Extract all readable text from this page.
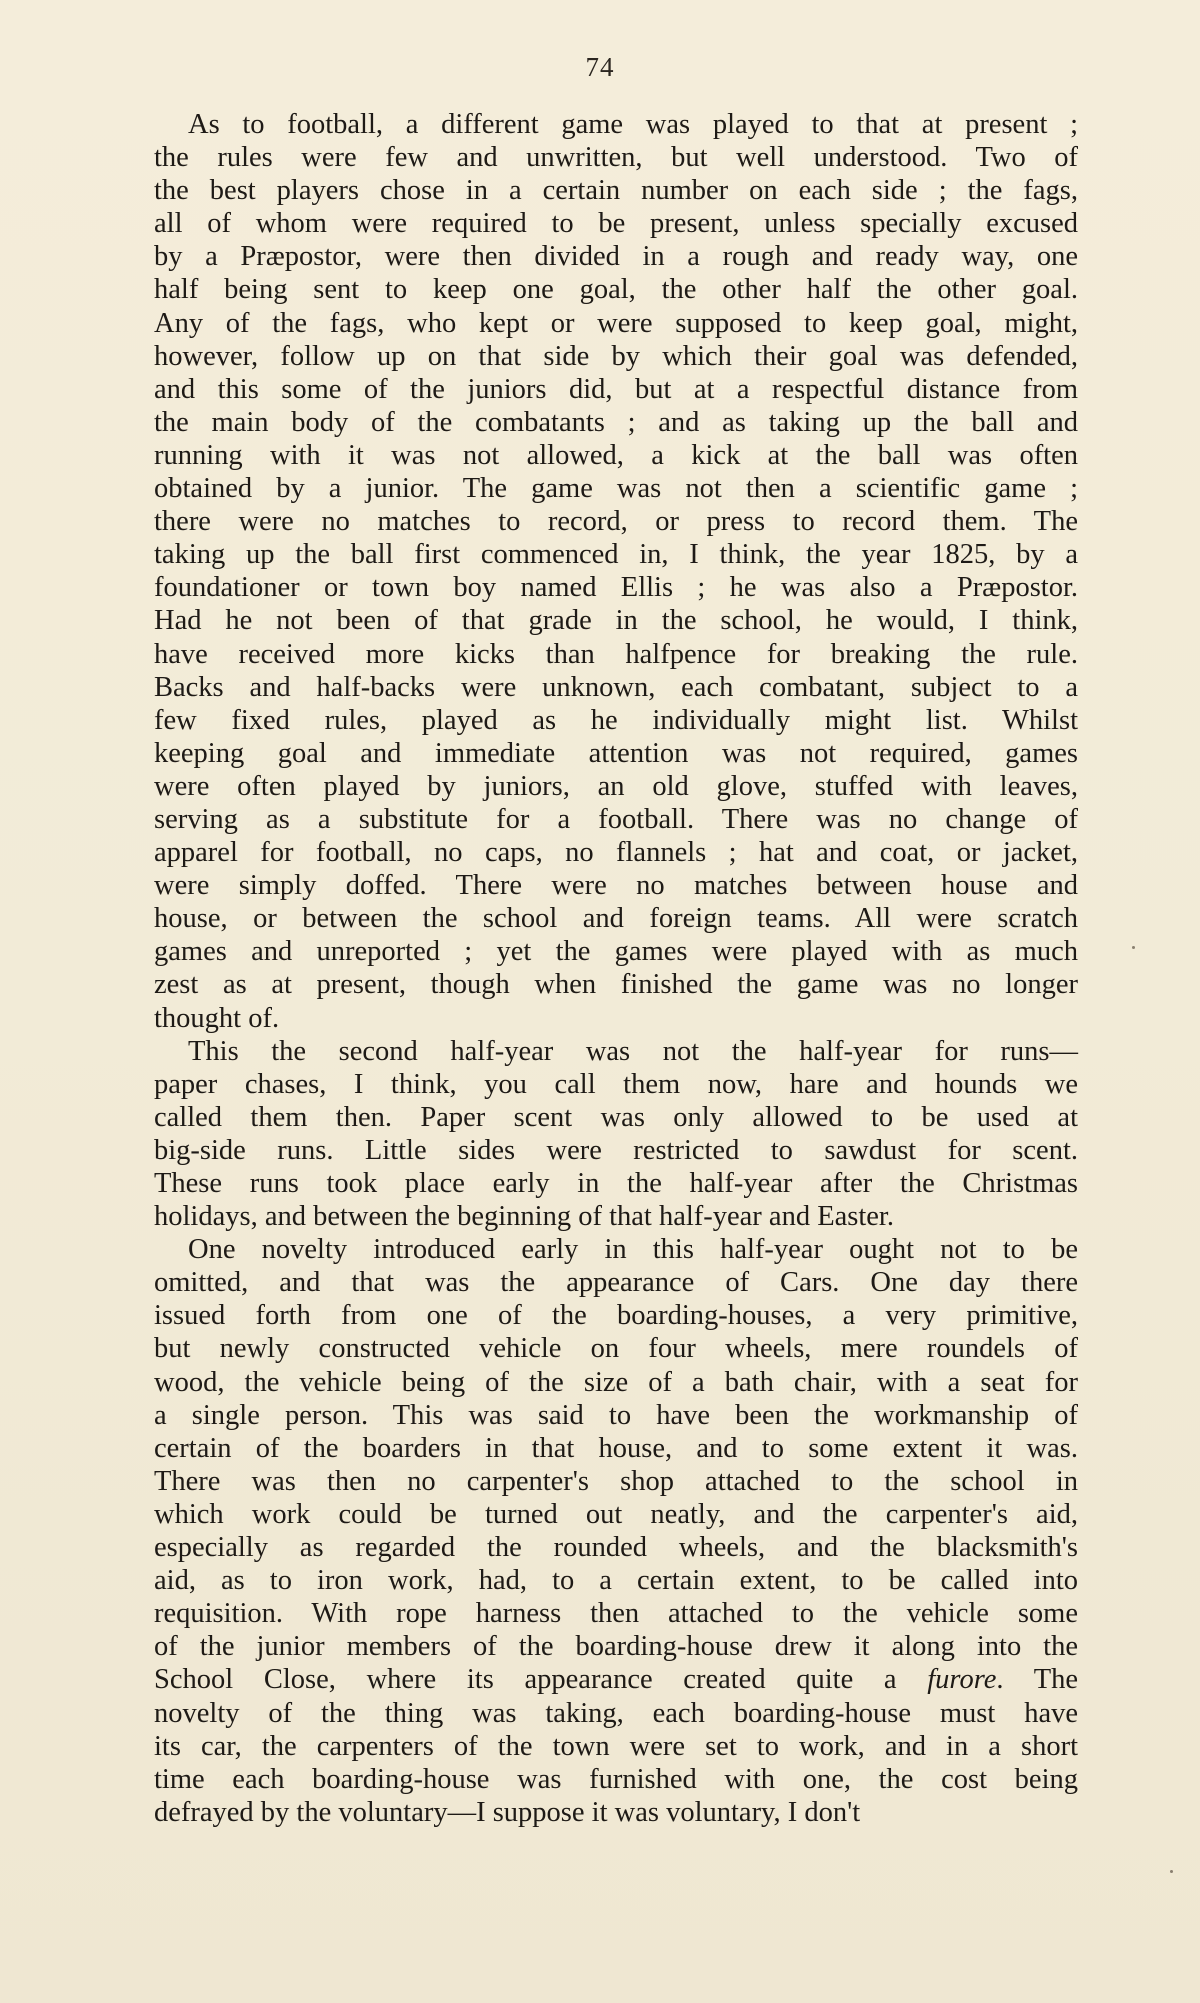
74

As to football, a different game was played to that at present ;
the rules were few and unwritten, but well understood. Two of
the best players chose in a certain number on each side ; the fags,
all of whom were required to be present, unless specially excused
by a Præpostor, were then divided in a rough and ready way, one
half being sent to keep one goal, the other half the other goal.
Any of the fags, who kept or were supposed to keep goal, might,
however, follow up on that side by which their goal was defended,
and this some of the juniors did, but at a respectful distance from
the main body of the combatants ; and as taking up the ball and
running with it was not allowed, a kick at the ball was often
obtained by a junior. The game was not then a scientific game ;
there were no matches to record, or press to record them. The
taking up the ball first commenced in, I think, the year 1825, by a
foundationer or town boy named Ellis ; he was also a Præpostor.
Had he not been of that grade in the school, he would, I think,
have received more kicks than halfpence for breaking the rule.
Backs and half-backs were unknown, each combatant, subject to a
few fixed rules, played as he individually might list. Whilst
keeping goal and immediate attention was not required, games
were often played by juniors, an old glove, stuffed with leaves,
serving as a substitute for a football. There was no change of
apparel for football, no caps, no flannels ; hat and coat, or jacket,
were simply doffed. There were no matches between house and
house, or between the school and foreign teams. All were scratch
games and unreported ; yet the games were played with as much
zest as at present, though when finished the game was no longer
thought of.

This the second half-year was not the half-year for runs—
paper chases, I think, you call them now, hare and hounds we
called them then. Paper scent was only allowed to be used at
big-side runs. Little sides were restricted to sawdust for scent.
These runs took place early in the half-year after the Christmas
holidays, and between the beginning of that half-year and Easter.

One novelty introduced early in this half-year ought not to be
omitted, and that was the appearance of Cars. One day there
issued forth from one of the boarding-houses, a very primitive,
but newly constructed vehicle on four wheels, mere roundels of
wood, the vehicle being of the size of a bath chair, with a seat for
a single person. This was said to have been the workmanship of
certain of the boarders in that house, and to some extent it was.
There was then no carpenter's shop attached to the school in
which work could be turned out neatly, and the carpenter's aid,
especially as regarded the rounded wheels, and the blacksmith's
aid, as to iron work, had, to a certain extent, to be called into
requisition. With rope harness then attached to the vehicle some
of the junior members of the boarding-house drew it along into the
School Close, where its appearance created quite a furore. The
novelty of the thing was taking, each boarding-house must have
its car, the carpenters of the town were set to work, and in a short
time each boarding-house was furnished with one, the cost being
defrayed by the voluntary—I suppose it was voluntary, I don't
